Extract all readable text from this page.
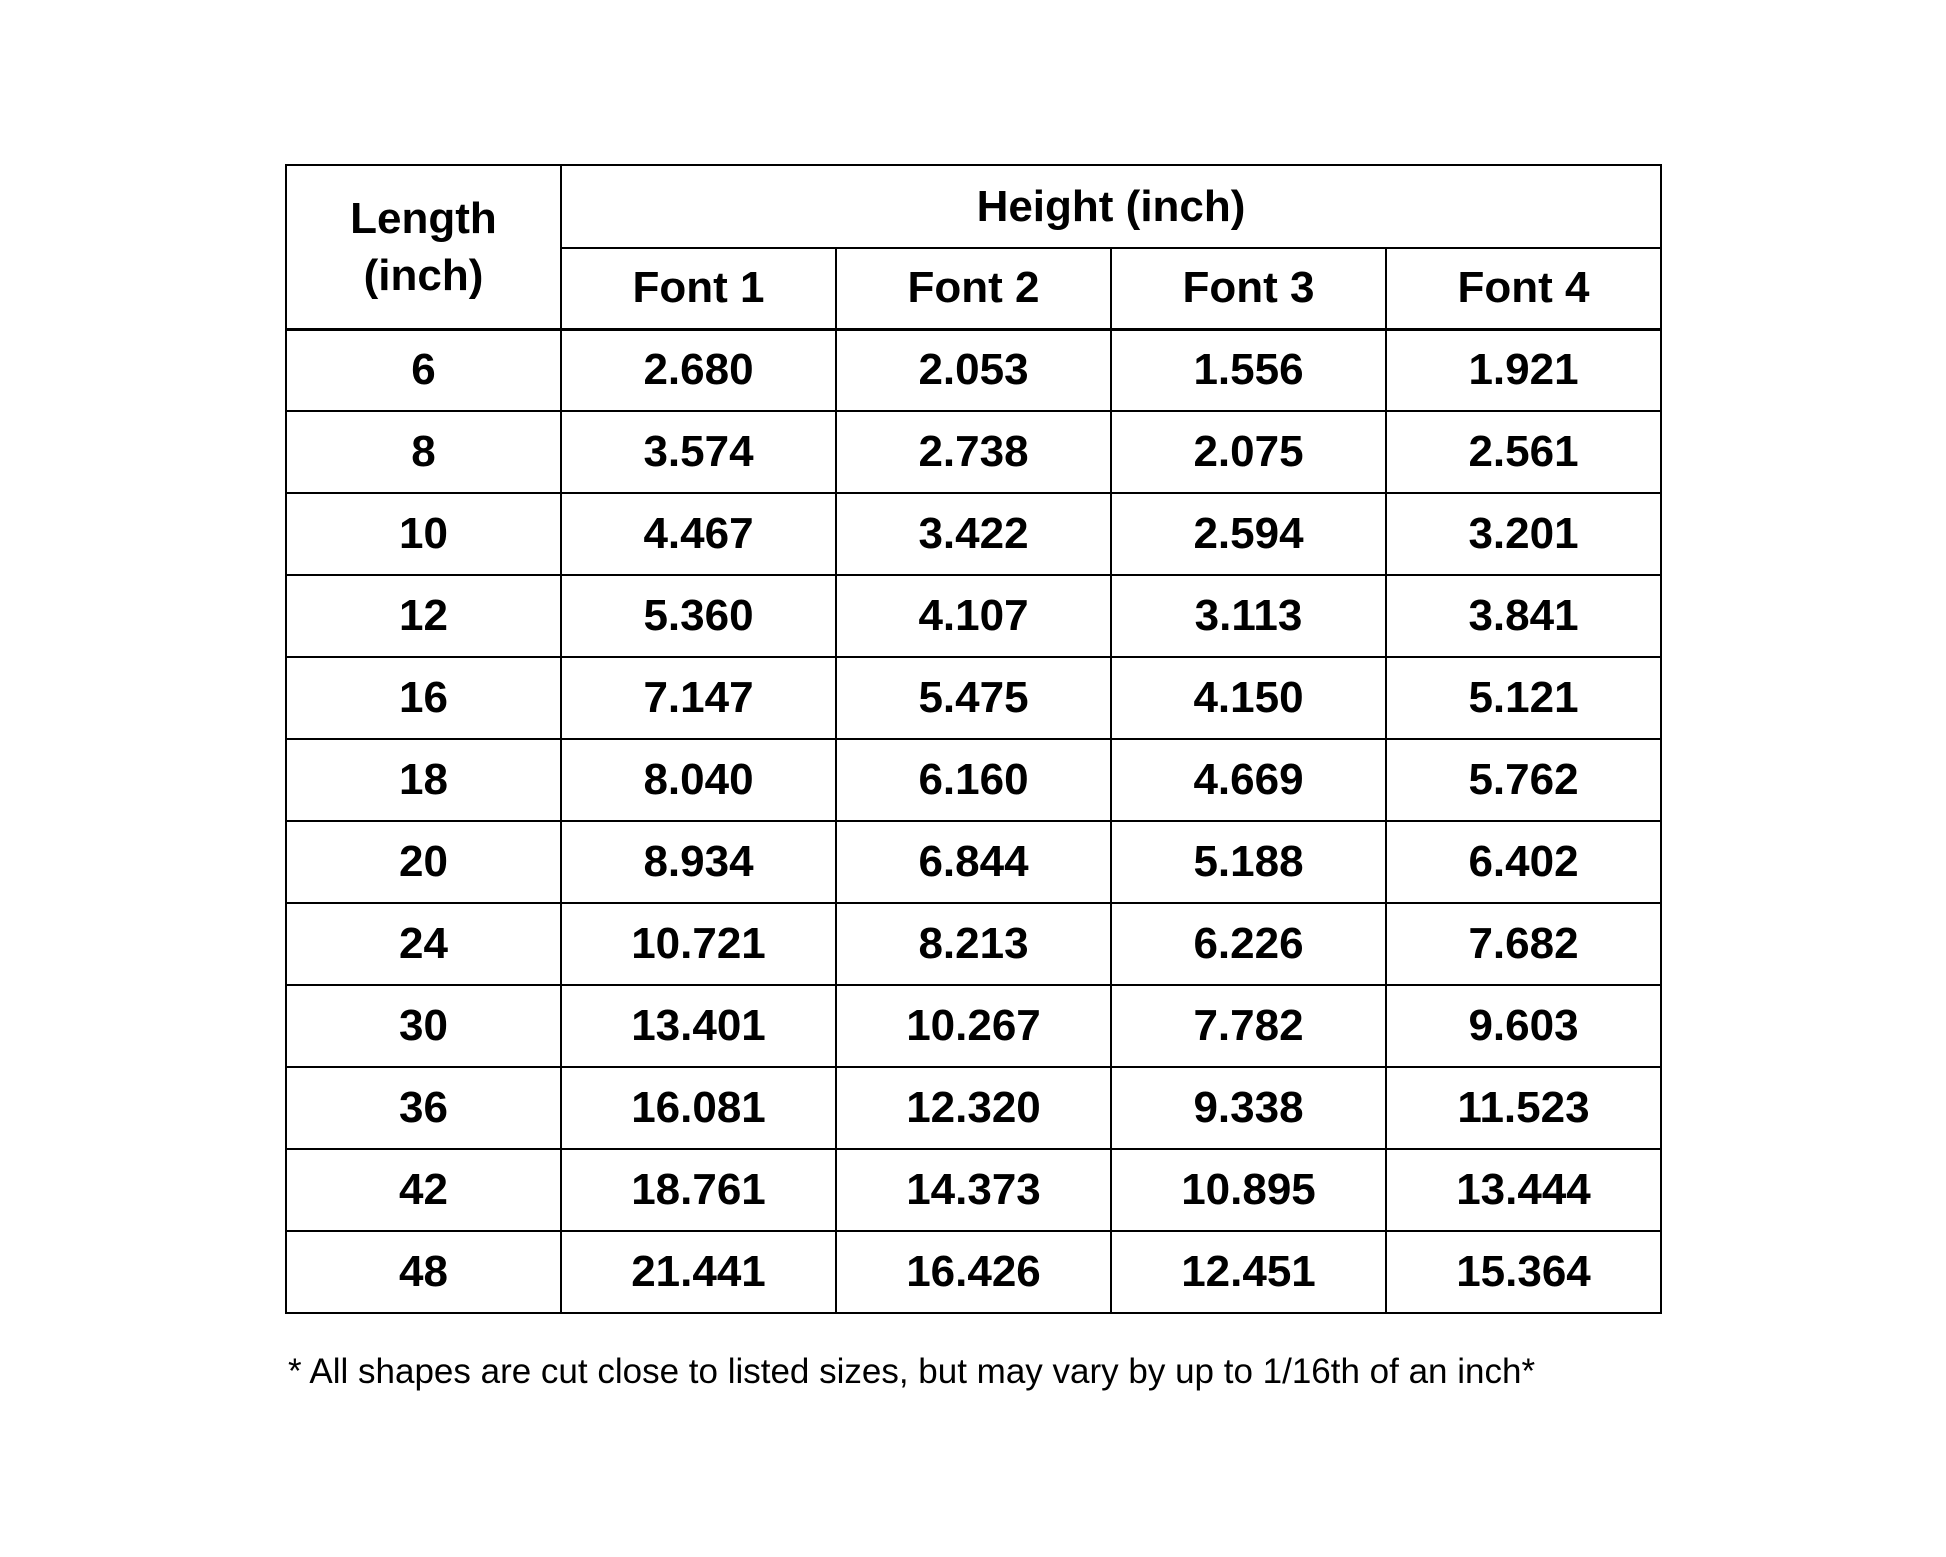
Length (inch)	Height (inch)			
	Font 1	Font 2	Font 3	Font 4
6	2.680	2.053	1.556	1.921
8	3.574	2.738	2.075	2.561
10	4.467	3.422	2.594	3.201
12	5.360	4.107	3.113	3.841
16	7.147	5.475	4.150	5.121
18	8.040	6.160	4.669	5.762
20	8.934	6.844	5.188	6.402
24	10.721	8.213	6.226	7.682
30	13.401	10.267	7.782	9.603
36	16.081	12.320	9.338	11.523
42	18.761	14.373	10.895	13.444
48	21.441	16.426	12.451	15.364
* All shapes are cut close to listed sizes, but may vary by up to 1/16th of an inch*
